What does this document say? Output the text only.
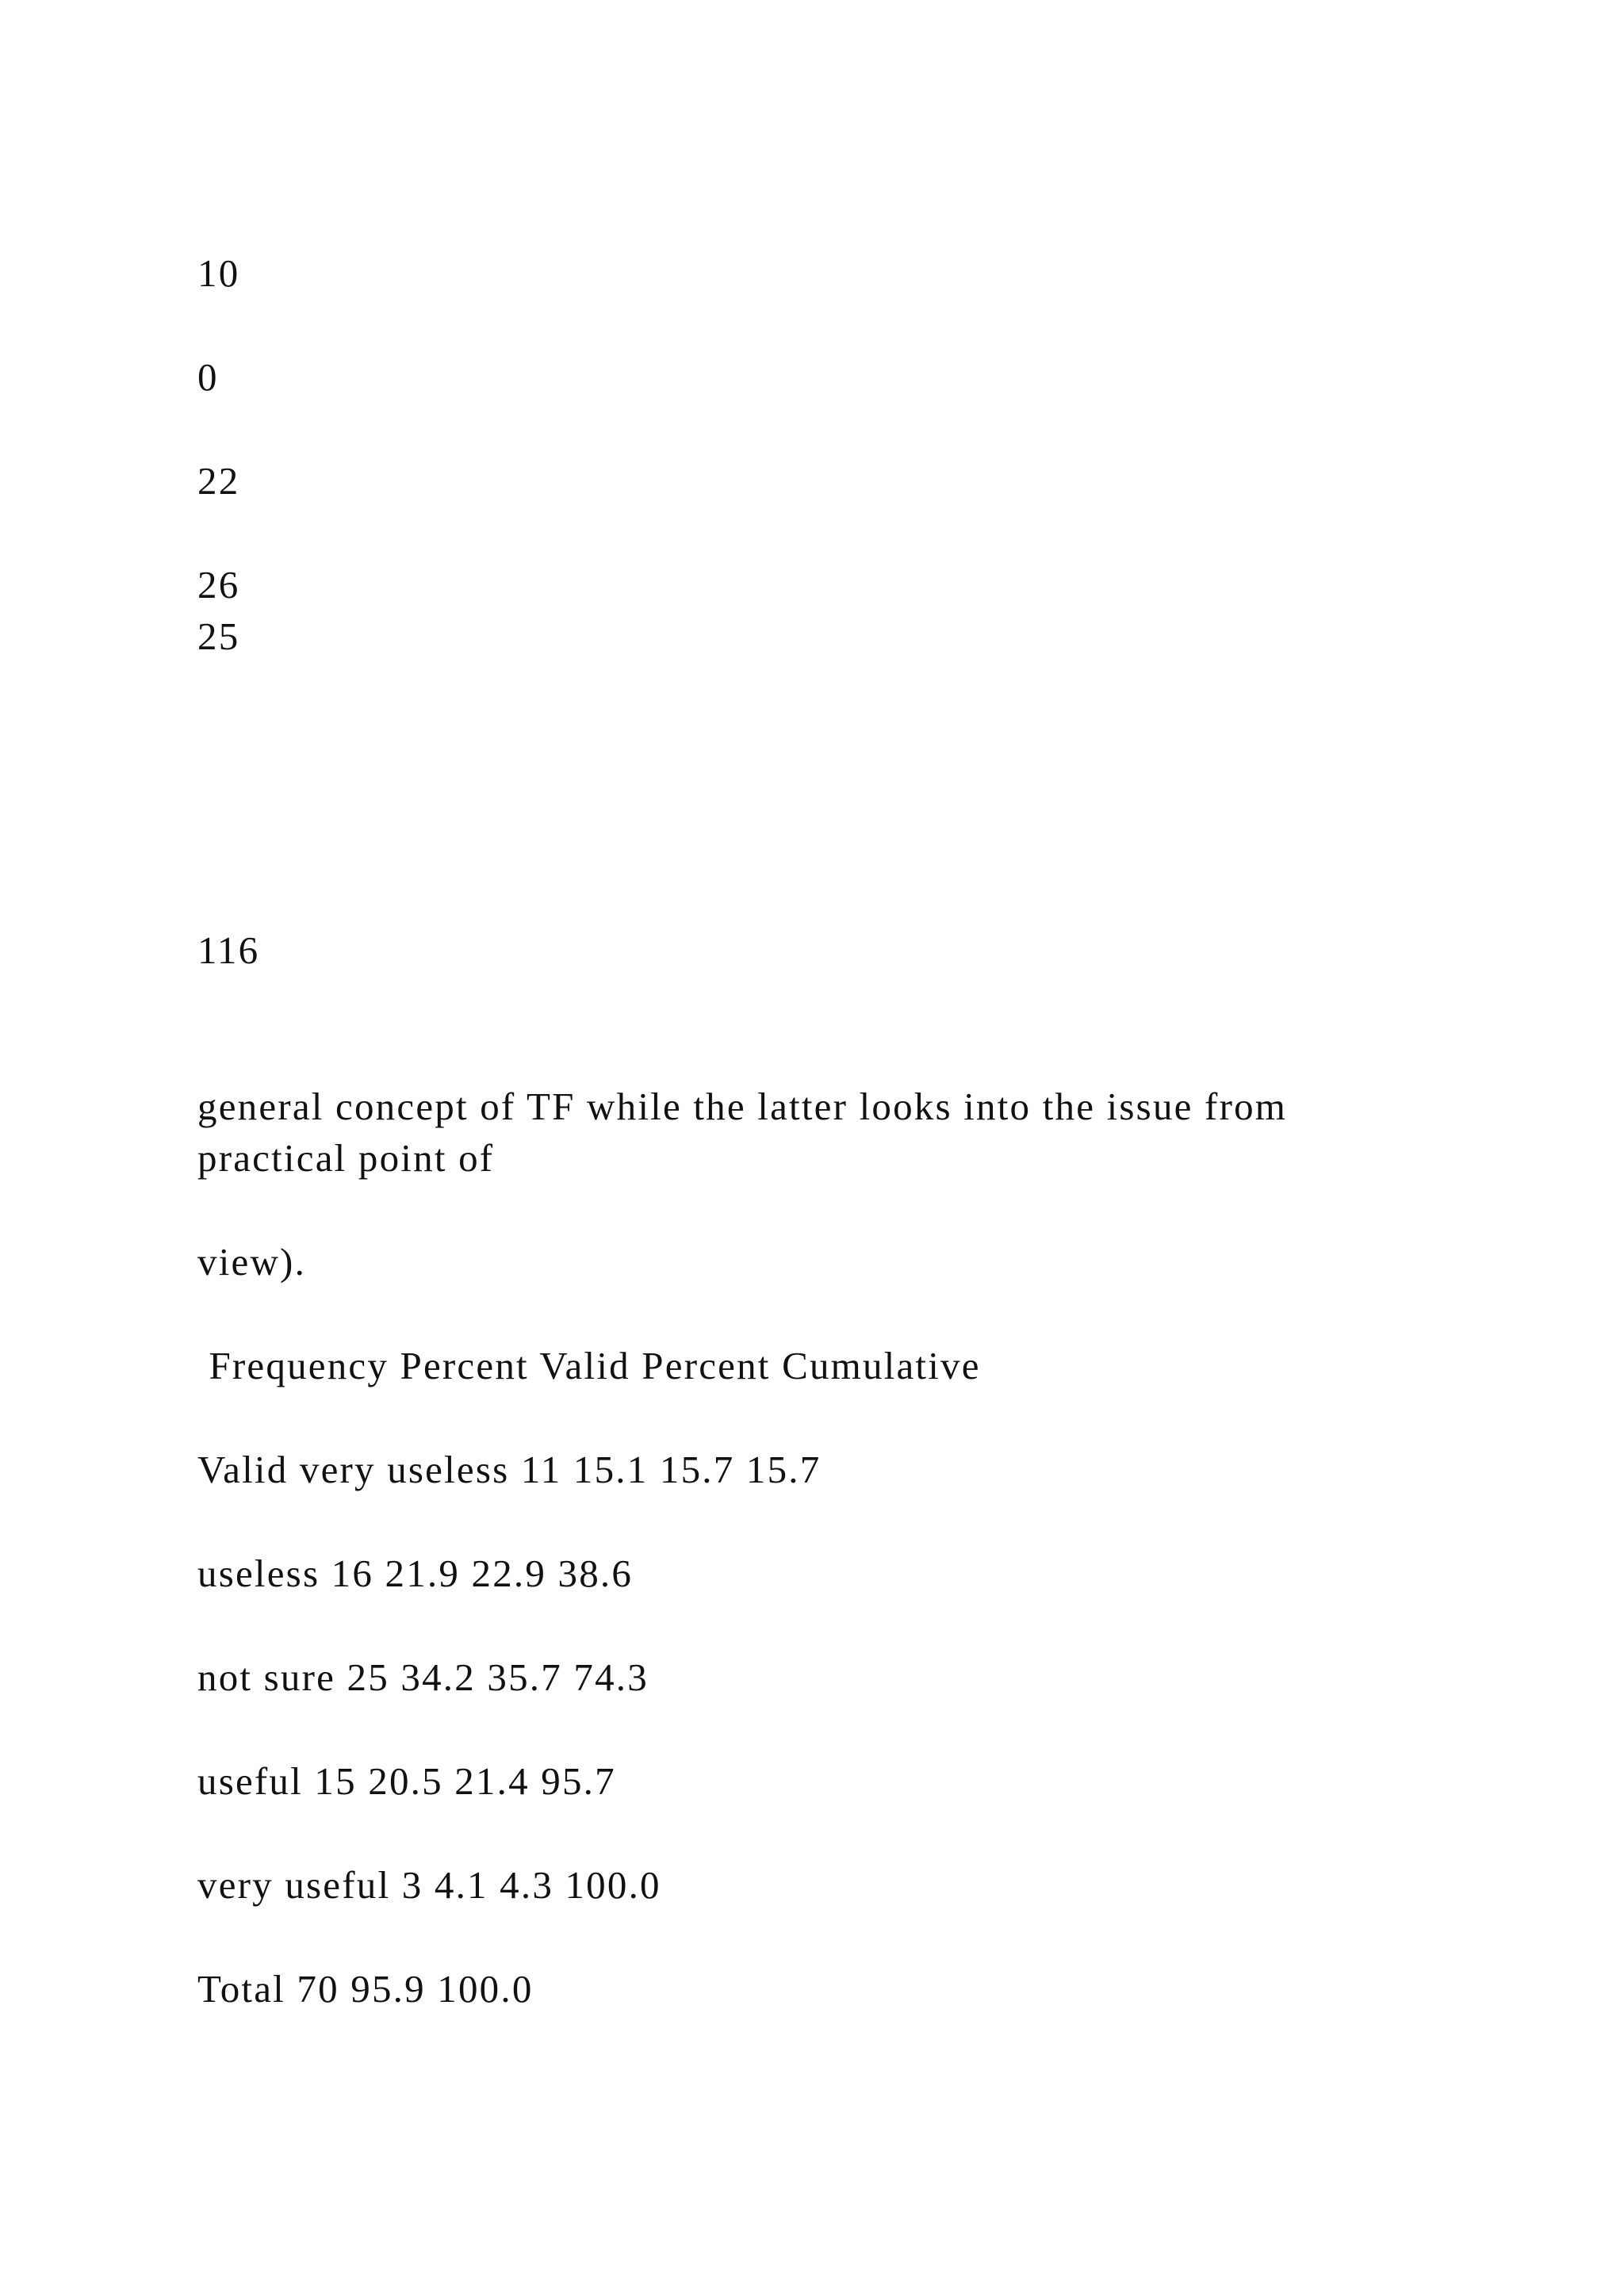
10

0

22

26

25

116

general concept of TF while the latter looks into the issue from

practical point of

view).

Frequency Percent Valid Percent Cumulative

Valid very useless 11 15.1 15.7 15.7

useless 16 21.9 22.9 38.6

not sure 25 34.2 35.7 74.3

useful 15 20.5 21.4 95.7

very useful 3 4.1 4.3 100.0

Total 70 95.9 100.0
